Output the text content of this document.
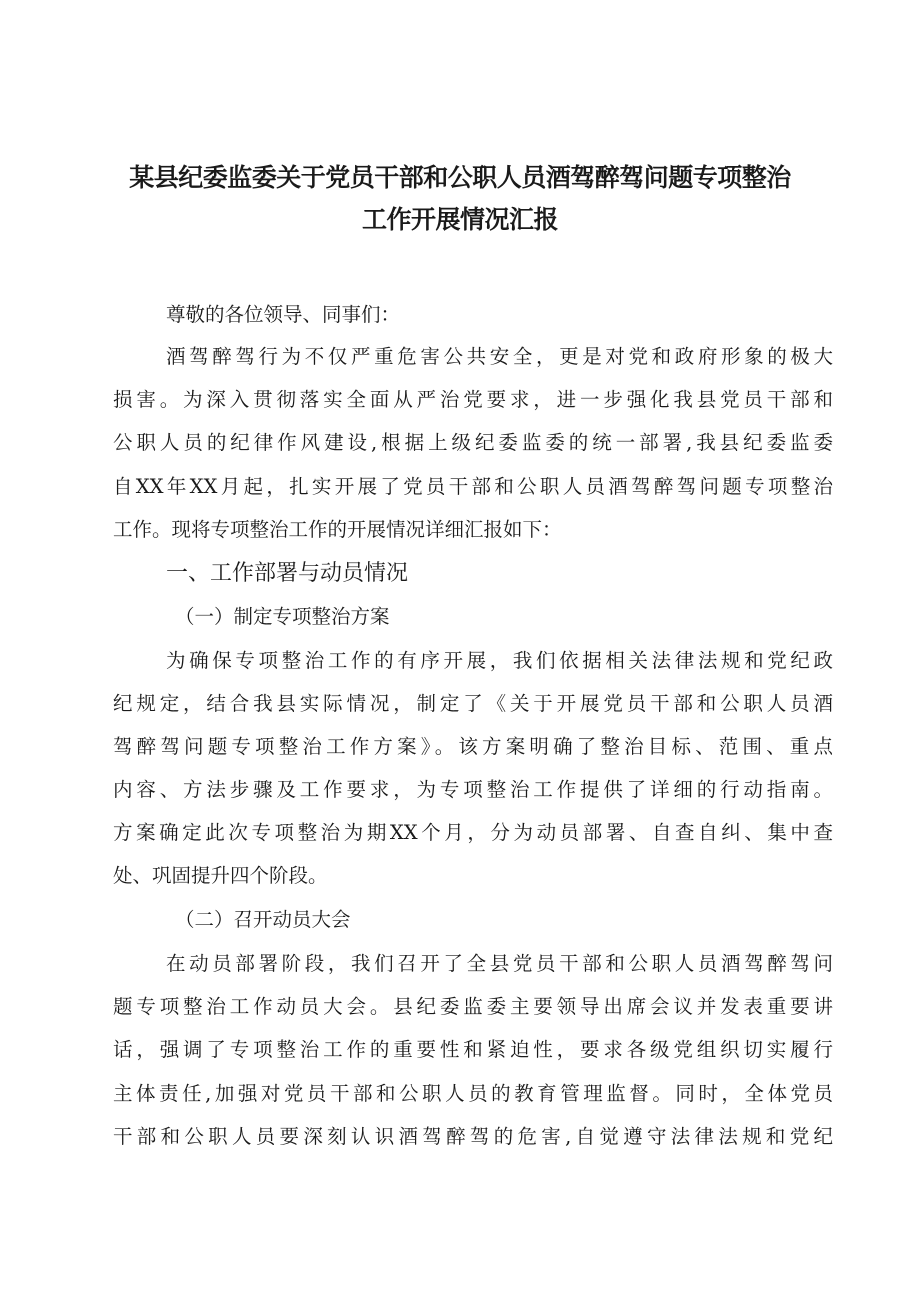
某县纪委监委关于党员干部和公职人员酒驾醉驾问题专项整治
工作开展情况汇报
尊敬的各位领导、同事们：
酒驾醉驾行为不仅严重危害公共安全，更是对党和政府形象的极大
损害。为深入贯彻落实全面从严治党要求，进一步强化我县党员干部和
公职人员的纪律作风建设,根据上级纪委监委的统一部署,我县纪委监委
自XX年XX月起，扎实开展了党员干部和公职人员酒驾醉驾问题专项整治
工作。现将专项整治工作的开展情况详细汇报如下：
一、工作部署与动员情况
（一）制定专项整治方案
为确保专项整治工作的有序开展，我们依据相关法律法规和党纪政
纪规定，结合我县实际情况，制定了《关于开展党员干部和公职人员酒
驾醉驾问题专项整治工作方案》。该方案明确了整治目标、范围、重点
内容、方法步骤及工作要求，为专项整治工作提供了详细的行动指南。
方案确定此次专项整治为期XX个月，分为动员部署、自查自纠、集中查
处、巩固提升四个阶段。
（二）召开动员大会
在动员部署阶段，我们召开了全县党员干部和公职人员酒驾醉驾问
题专项整治工作动员大会。县纪委监委主要领导出席会议并发表重要讲
话，强调了专项整治工作的重要性和紧迫性，要求各级党组织切实履行
主体责任,加强对党员干部和公职人员的教育管理监督。同时，全体党员
干部和公职人员要深刻认识酒驾醉驾的危害,自觉遵守法律法规和党纪
